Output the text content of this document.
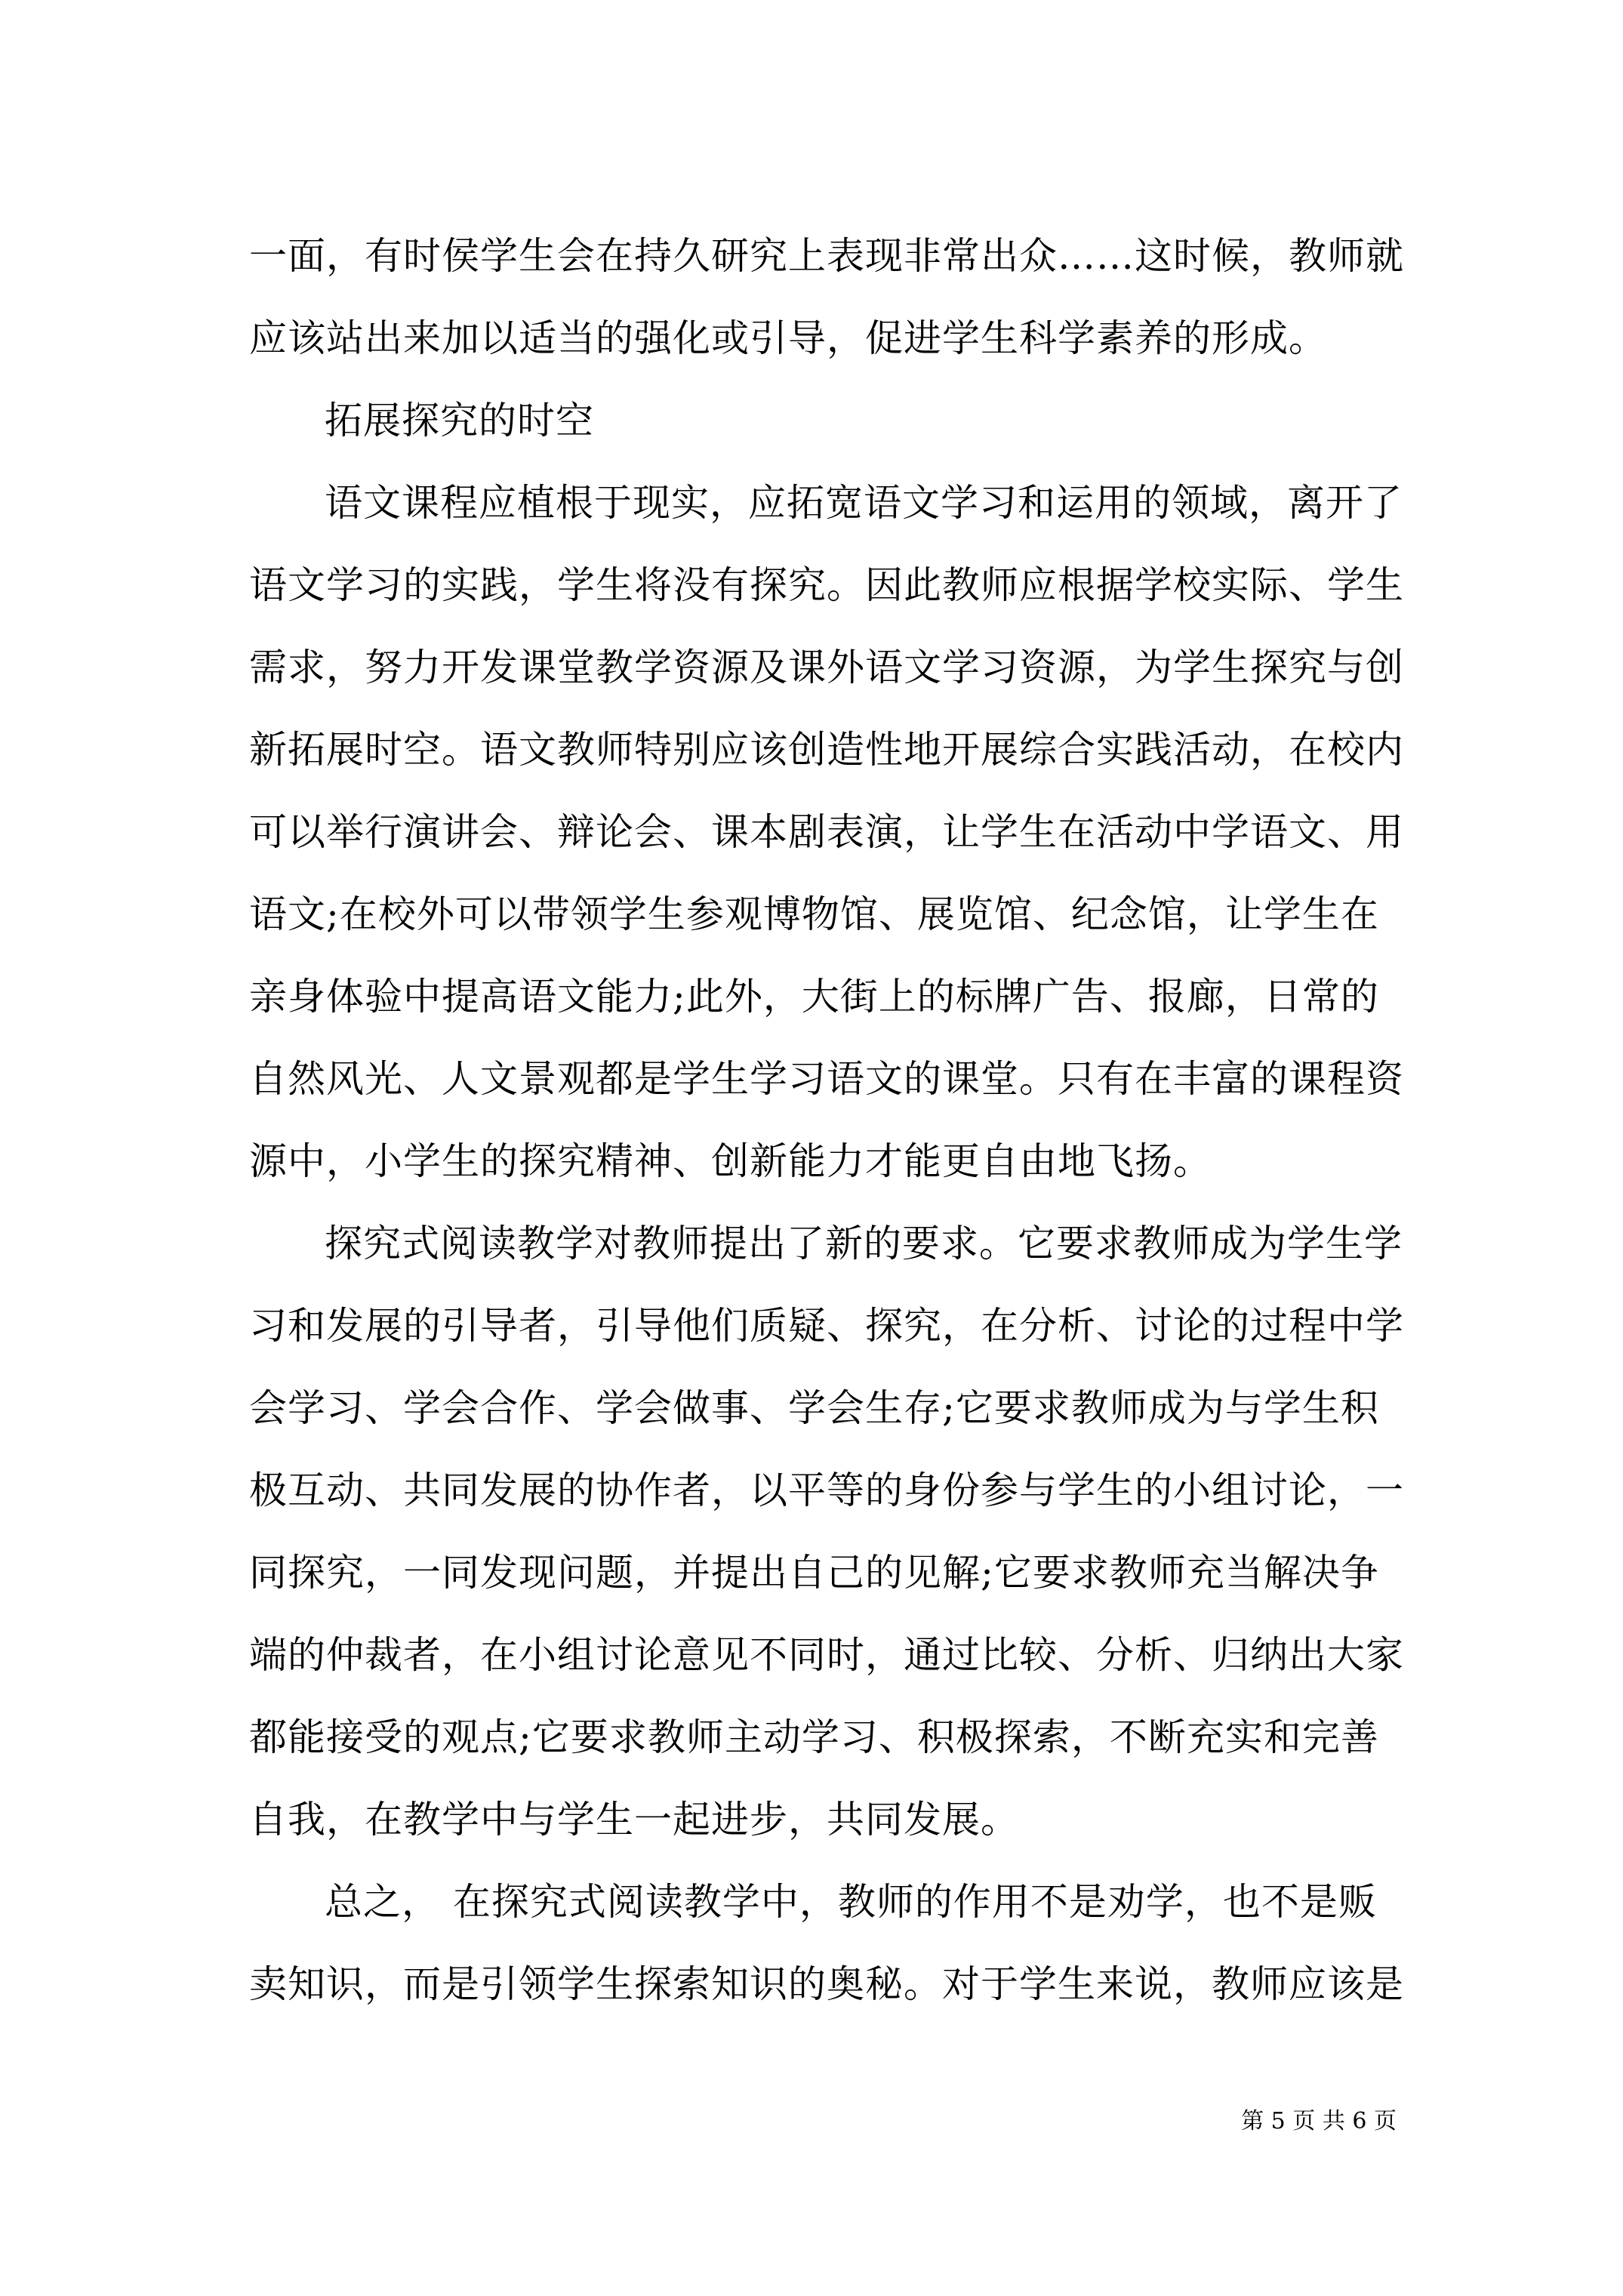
一面，有时侯学生会在持久研究上表现非常出众……这时候，教师就
应该站出来加以适当的强化或引导，促进学生科学素养的形成。
拓展探究的时空
语文课程应植根于现实，应拓宽语文学习和运用的领域，离开了
语文学习的实践，学生将没有探究。因此教师应根据学校实际、学生
需求，努力开发课堂教学资源及课外语文学习资源，为学生探究与创
新拓展时空。语文教师特别应该创造性地开展综合实践活动，在校内
可以举行演讲会、辩论会、课本剧表演，让学生在活动中学语文、用
语文;在校外可以带领学生参观博物馆、展览馆、纪念馆，让学生在
亲身体验中提高语文能力;此外，大街上的标牌广告、报廊，日常的
自然风光、人文景观都是学生学习语文的课堂。只有在丰富的课程资
源中，小学生的探究精神、创新能力才能更自由地飞扬。
探究式阅读教学对教师提出了新的要求。它要求教师成为学生学
习和发展的引导者，引导他们质疑、探究，在分析、讨论的过程中学
会学习、学会合作、学会做事、学会生存;它要求教师成为与学生积
极互动、共同发展的协作者，以平等的身份参与学生的小组讨论，一
同探究，一同发现问题，并提出自己的见解;它要求教师充当解决争
端的仲裁者，在小组讨论意见不同时，通过比较、分析、归纳出大家
都能接受的观点;它要求教师主动学习、积极探索，不断充实和完善
自我，在教学中与学生一起进步，共同发展。
总之， 在探究式阅读教学中，教师的作用不是劝学，也不是贩
卖知识，而是引领学生探索知识的奥秘。对于学生来说，教师应该是
第 5 页 共 6 页
